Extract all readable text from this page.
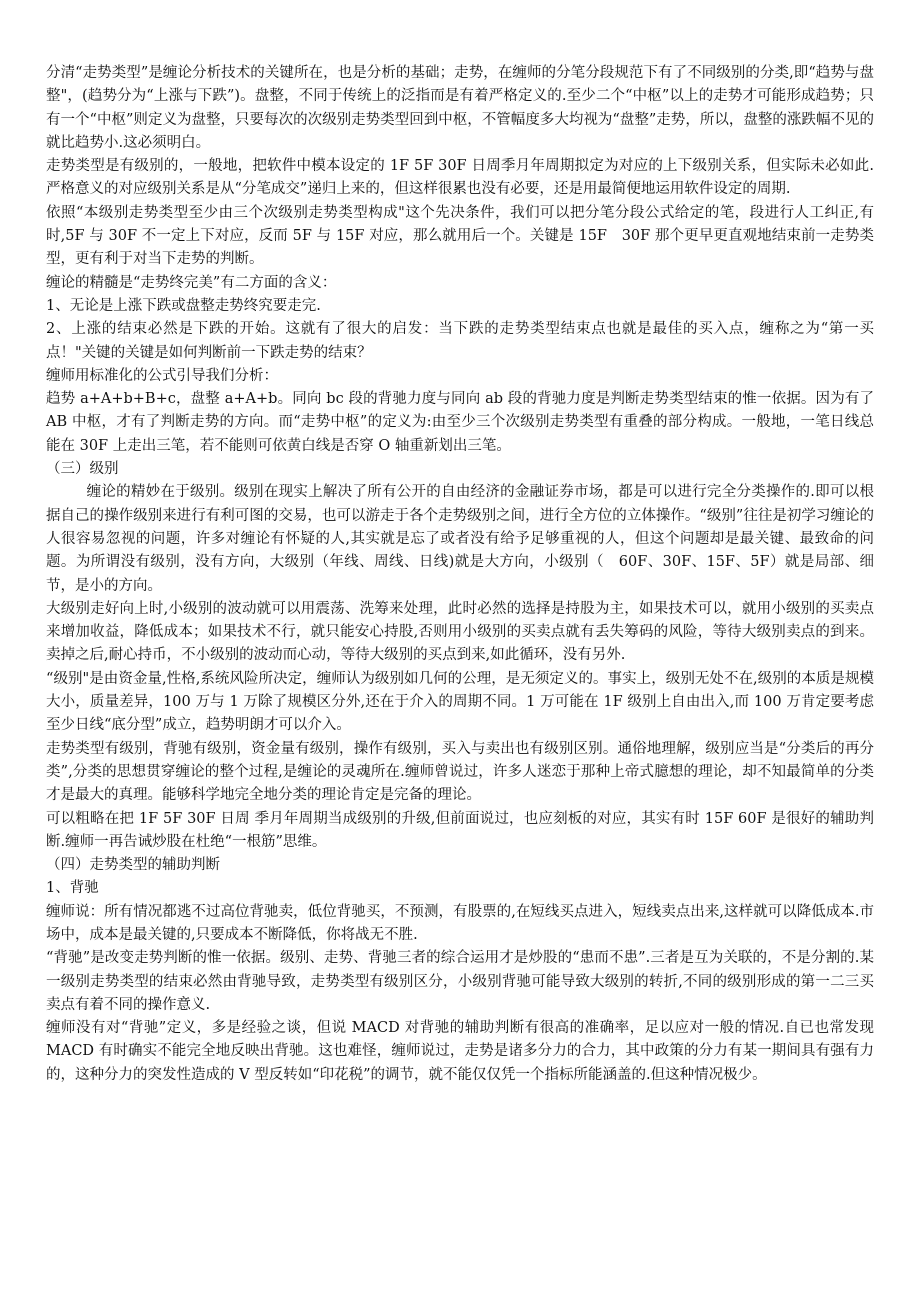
分清“走势类型”是缠论分析技术的关键所在，也是分析的基础；走势，在缠师的分笔分段规范下有了不同级别的分类,即“趋势与盘整"，(趋势分为“上涨与下跌”)。盘整，不同于传统上的泛指而是有着严格定义的.至少二个“中枢”以上的走势才可能形成趋势；只有一个“中枢”则定义为盘整，只要每次的次级别走势类型回到中枢，不管幅度多大均视为“盘整”走势，所以，盘整的涨跌幅不见的就比趋势小.这必须明白。

走势类型是有级别的，一般地，把软件中模本设定的 1F 5F 30F 日周季月年周期拟定为对应的上下级别关系，但实际未必如此.严格意义的对应级别关系是从“分笔成交”递归上来的，但这样很累也没有必要，还是用最简便地运用软件设定的周期.

依照“本级别走势类型至少由三个次级别走势类型构成"这个先决条件，我们可以把分笔分段公式给定的笔，段进行人工纠正,有时,5F 与 30F 不一定上下对应，反而 5F 与 15F 对应，那么就用后一个。关键是 15F　30F 那个更早更直观地结束前一走势类型，更有利于对当下走势的判断。

缠论的精髓是“走势终完美”有二方面的含义：

1、无论是上涨下跌或盘整走势终究要走完.

2、上涨的结束必然是下跌的开始。这就有了很大的启发：当下跌的走势类型结束点也就是最佳的买入点，缠称之为“第一买点！"关键的关键是如何判断前一下跌走势的结束？

缠师用标准化的公式引导我们分析：

趋势 a+A+b+B+c，盘整 a+A+b。同向 bc 段的背驰力度与同向 ab 段的背驰力度是判断走势类型结束的惟一依据。因为有了 AB 中枢，才有了判断走势的方向。而“走势中枢”的定义为:由至少三个次级别走势类型有重叠的部分构成。一般地，一笔日线总能在 30F 上走出三笔，若不能则可依黄白线是否穿 O 轴重新划出三笔。

（三）级别

缠论的精妙在于级别。级别在现实上解决了所有公开的自由经济的金融证券市场，都是可以进行完全分类操作的.即可以根据自己的操作级别来进行有利可图的交易，也可以游走于各个走势级别之间，进行全方位的立体操作。“级别”往往是初学习缠论的人很容易忽视的问题，许多对缠论有怀疑的人,其实就是忘了或者没有给予足够重视的人，但这个问题却是最关键、最致命的问题。为所谓没有级别，没有方向，大级别（年线、周线、日线)就是大方向，小级别（　60F、30F、15F、5F）就是局部、细节，是小的方向。

大级别走好向上时,小级别的波动就可以用震荡、洗筹来处理，此时必然的选择是持股为主，如果技术可以，就用小级别的买卖点来增加收益，降低成本；如果技术不行，就只能安心持股,否则用小级别的买卖点就有丢失筹码的风险，等待大级别卖点的到来。卖掉之后,耐心持币，不小级别的波动而心动，等待大级别的买点到来,如此循环，没有另外.

“级别"是由资金量,性格,系统风险所决定，缠师认为级别如几何的公理，是无须定义的。事实上，级别无处不在,级别的本质是规模大小，质量差异，100 万与 1 万除了规模区分外,还在于介入的周期不同。1 万可能在 1F 级别上自由出入,而 100 万肯定要考虑至少日线“底分型”成立，趋势明朗才可以介入。

走势类型有级别，背驰有级别，资金量有级别，操作有级别，买入与卖出也有级别区别。通俗地理解，级别应当是“分类后的再分类”,分类的思想贯穿缠论的整个过程,是缠论的灵魂所在.缠师曾说过，许多人迷恋于那种上帝式臆想的理论，却不知最简单的分类才是最大的真理。能够科学地完全地分类的理论肯定是完备的理论。

可以粗略在把 1F 5F 30F 日周 季月年周期当成级别的升级,但前面说过，也应刻板的对应，其实有时 15F 60F 是很好的辅助判断.缠师一再告诫炒股在杜绝“一根筋”思维。

（四）走势类型的辅助判断

1、背驰

缠师说：所有情况都逃不过高位背驰卖，低位背驰买，不预测，有股票的,在短线买点进入，短线卖点出来,这样就可以降低成本.市场中，成本是最关键的,只要成本不断降低，你将战无不胜.

“背驰”是改变走势判断的惟一依据。级别、走势、背驰三者的综合运用才是炒股的“患而不患”.三者是互为关联的，不是分割的.某一级别走势类型的结束必然由背驰导致，走势类型有级别区分，小级别背驰可能导致大级别的转折,不同的级别形成的第一二三买卖点有着不同的操作意义.

缠师没有对“背驰”定义，多是经验之谈，但说 MACD 对背驰的辅助判断有很高的准确率，足以应对一般的情况.自已也常发现 MACD 有时确实不能完全地反映出背驰。这也难怪，缠师说过，走势是诸多分力的合力，其中政策的分力有某一期间具有强有力的，这种分力的突发性造成的 V 型反转如“印花税”的调节，就不能仅仅凭一个指标所能涵盖的.但这种情况极少。
